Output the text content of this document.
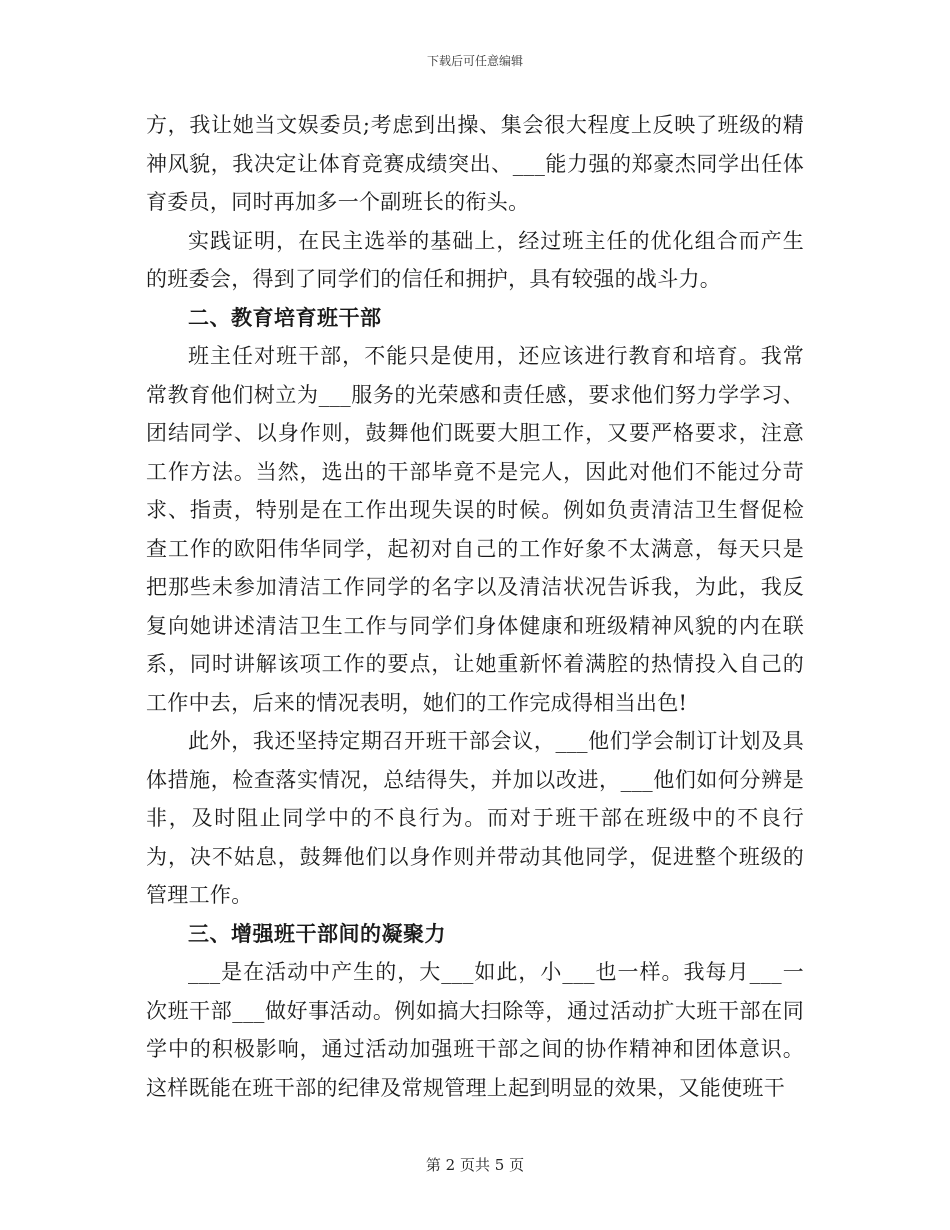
下载后可任意编辑

方，我让她当文娱委员;考虑到出操、集会很大程度上反映了班级的精神风貌，我决定让体育竞赛成绩突出、___能力强的郑豪杰同学出任体育委员，同时再加多一个副班长的衔头。

实践证明，在民主选举的基础上，经过班主任的优化组合而产生的班委会，得到了同学们的信任和拥护，具有较强的战斗力。

二、教育培育班干部

班主任对班干部，不能只是使用，还应该进行教育和培育。我常常教育他们树立为___服务的光荣感和责任感，要求他们努力学学习、团结同学、以身作则，鼓舞他们既要大胆工作，又要严格要求，注意工作方法。当然，选出的干部毕竟不是完人，因此对他们不能过分苛求、指责，特别是在工作出现失误的时候。例如负责清洁卫生督促检查工作的欧阳伟华同学，起初对自己的工作好象不太满意，每天只是把那些未参加清洁工作同学的名字以及清洁状况告诉我，为此，我反复向她讲述清洁卫生工作与同学们身体健康和班级精神风貌的内在联系，同时讲解该项工作的要点，让她重新怀着满腔的热情投入自己的工作中去，后来的情况表明，她们的工作完成得相当出色!

此外，我还坚持定期召开班干部会议，___他们学会制订计划及具体措施，检查落实情况，总结得失，并加以改进，___他们如何分辨是非，及时阻止同学中的不良行为。而对于班干部在班级中的不良行为，决不姑息，鼓舞他们以身作则并带动其他同学，促进整个班级的管理工作。

三、增强班干部间的凝聚力

___是在活动中产生的，大___如此，小___也一样。我每月___一次班干部___做好事活动。例如搞大扫除等，通过活动扩大班干部在同学中的积极影响，通过活动加强班干部之间的协作精神和团体意识。这样既能在班干部的纪律及常规管理上起到明显的效果，又能使班干

第 2 页共 5 页
